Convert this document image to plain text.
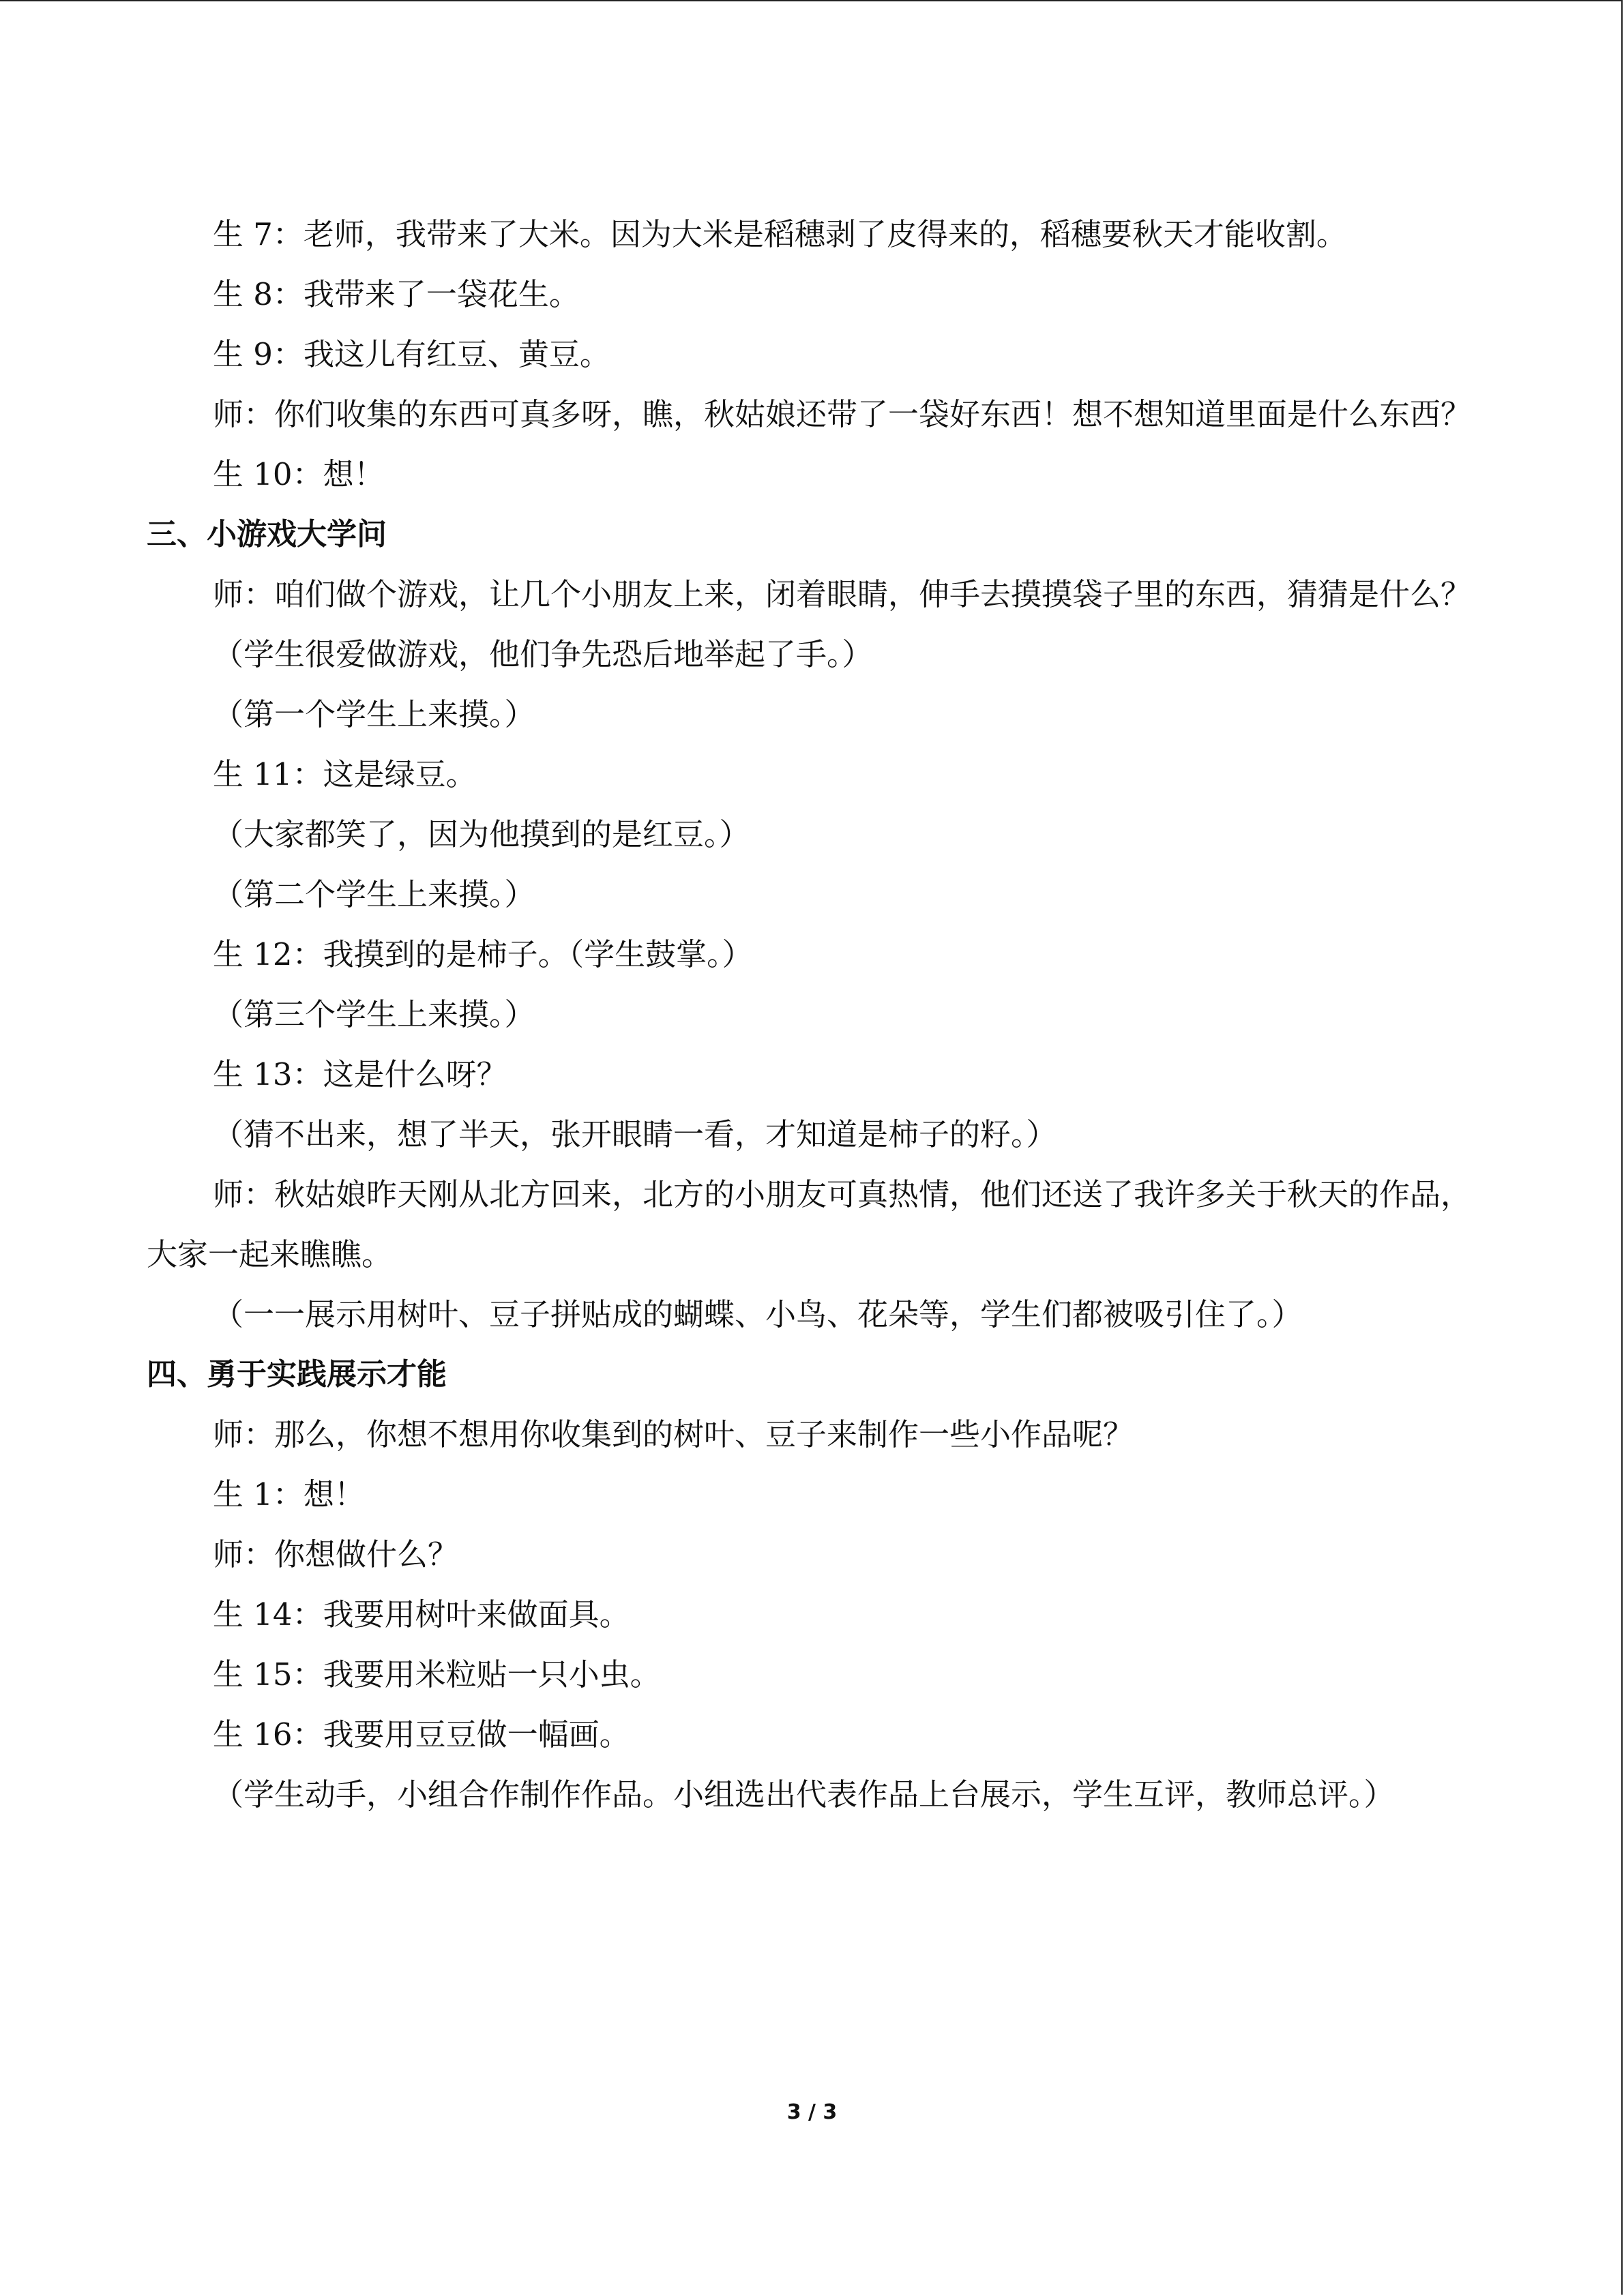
生 7：老师，我带来了大米。因为大米是稻穗剥了皮得来的，稻穗要秋天才能收割。

生 8：我带来了一袋花生。

生 9：我这儿有红豆、黄豆。

师：你们收集的东西可真多呀，瞧，秋姑娘还带了一袋好东西！想不想知道里面是什么东西？

生 10：想！

三、小游戏大学问

师：咱们做个游戏，让几个小朋友上来，闭着眼睛，伸手去摸摸袋子里的东西，猜猜是什么？

（学生很爱做游戏，他们争先恐后地举起了手。）

（第一个学生上来摸。）

生 11：这是绿豆。

（大家都笑了，因为他摸到的是红豆。）

（第二个学生上来摸。）

生 12：我摸到的是柿子。（学生鼓掌。）

（第三个学生上来摸。）

生 13：这是什么呀？

（猜不出来，想了半天，张开眼睛一看，才知道是柿子的籽。）

师：秋姑娘昨天刚从北方回来，北方的小朋友可真热情，他们还送了我许多关于秋天的作品，大家一起来瞧瞧。

（一一展示用树叶、豆子拼贴成的蝴蝶、小鸟、花朵等，学生们都被吸引住了。）

四、勇于实践展示才能

师：那么，你想不想用你收集到的树叶、豆子来制作一些小作品呢？

生 1：想！

师：你想做什么？

生 14：我要用树叶来做面具。

生 15：我要用米粒贴一只小虫。

生 16：我要用豆豆做一幅画。

（学生动手，小组合作制作作品。小组选出代表作品上台展示，学生互评，教师总评。）

3 / 3
